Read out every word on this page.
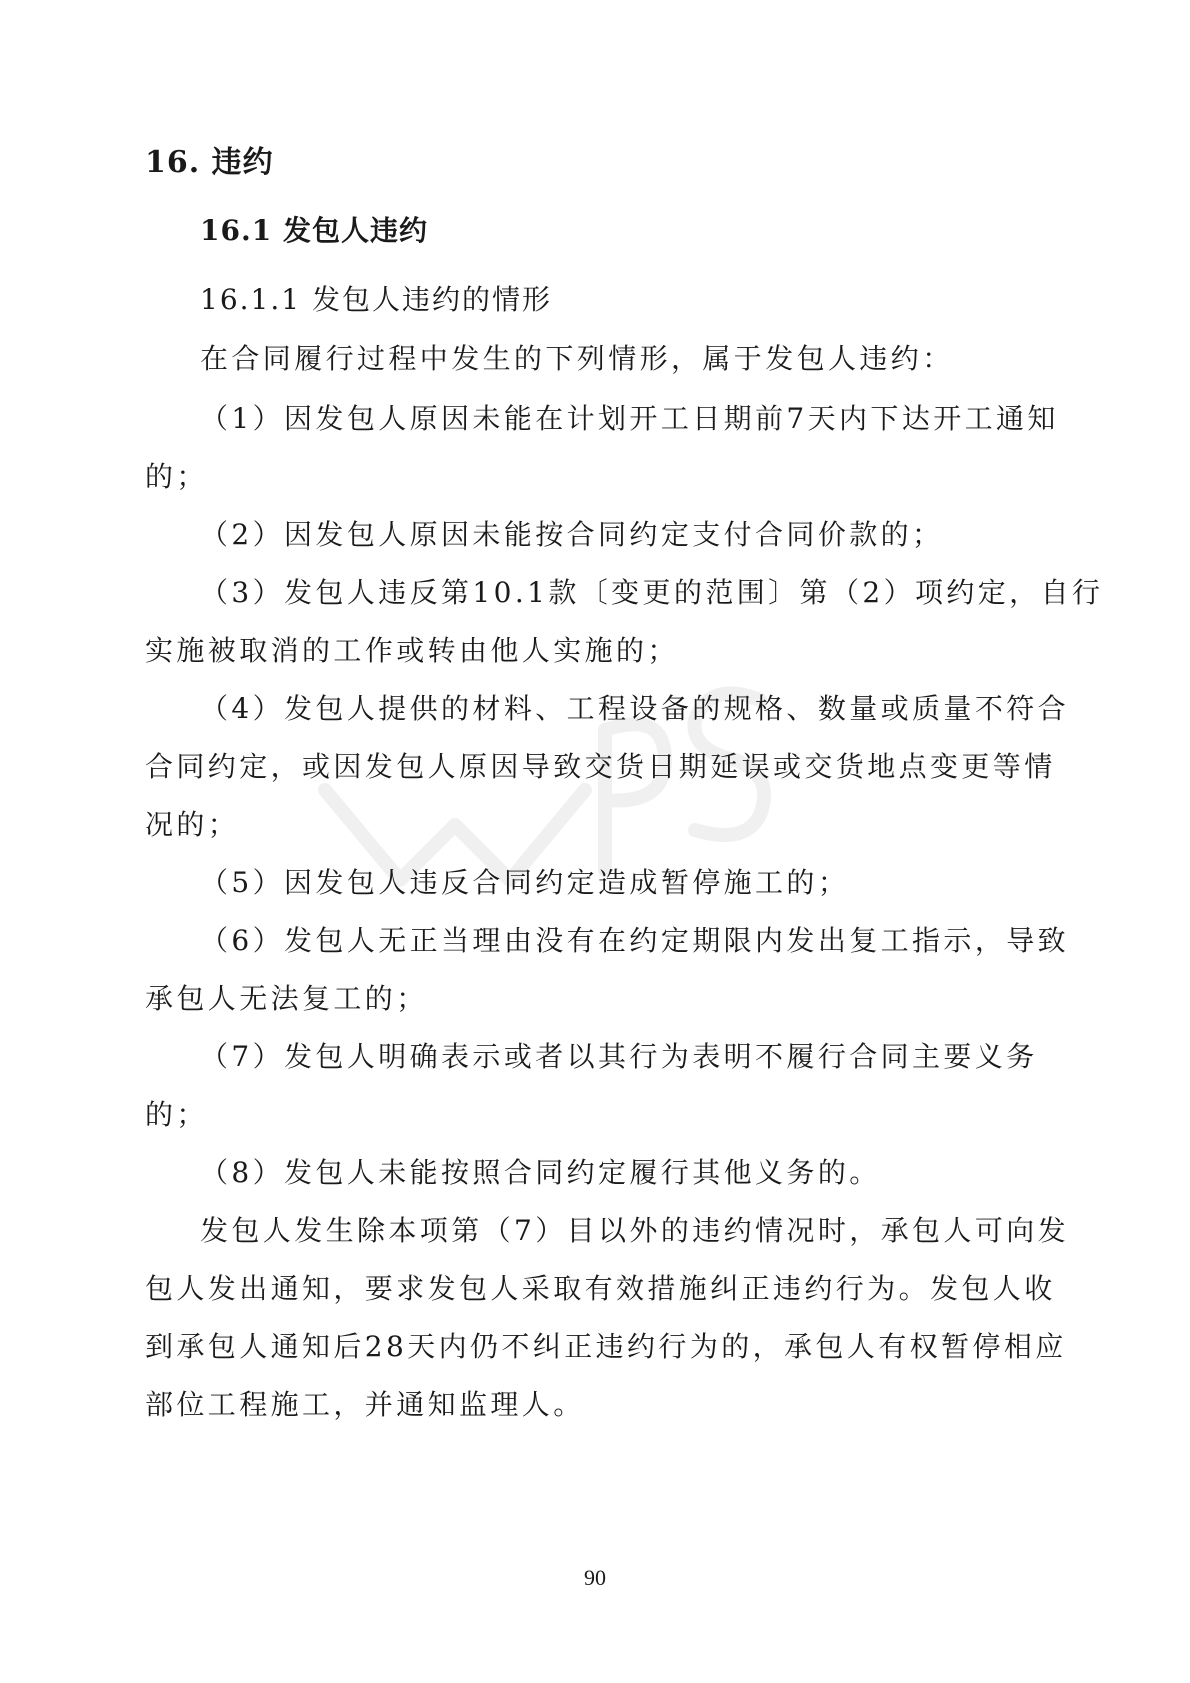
16. 违约
16.1 发包人违约
16.1.1 发包人违约的情形
在合同履行过程中发生的下列情形，属于发包人违约：
（1）因发包人原因未能在计划开工日期前7天内下达开工通知
的；
（2）因发包人原因未能按合同约定支付合同价款的；
（3）发包人违反第10.1款〔变更的范围〕第（2）项约定，自行
实施被取消的工作或转由他人实施的；
（4）发包人提供的材料、工程设备的规格、数量或质量不符合
合同约定，或因发包人原因导致交货日期延误或交货地点变更等情
况的；
（5）因发包人违反合同约定造成暂停施工的；
（6）发包人无正当理由没有在约定期限内发出复工指示，导致
承包人无法复工的；
（7）发包人明确表示或者以其行为表明不履行合同主要义务
的；
（8）发包人未能按照合同约定履行其他义务的。
发包人发生除本项第（7）目以外的违约情况时，承包人可向发
包人发出通知，要求发包人采取有效措施纠正违约行为。发包人收
到承包人通知后28天内仍不纠正违约行为的，承包人有权暂停相应
部位工程施工，并通知监理人。
90
